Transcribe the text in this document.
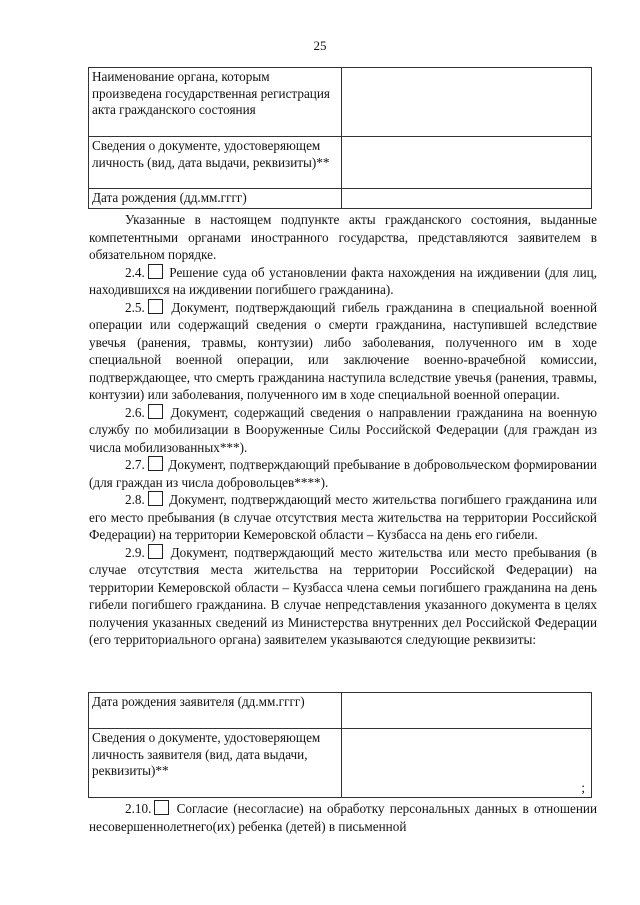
25
Наименование органа, которым произведена государственная регистрация акта гражданского состояния	
Сведения о документе, удостоверяющем личность (вид, дата выдачи, реквизиты)**	
Дата рождения (дд.мм.гггг)	

Указанные в настоящем подпункте акты гражданского состояния, выданные компетентными органами иностранного государства, представляются заявителем в обязательном порядке.

2.4. Решение суда об установлении факта нахождения на иждивении (для лиц, находившихся на иждивении погибшего гражданина).

2.5. Документ, подтверждающий гибель гражданина в специальной военной операции или содержащий сведения о смерти гражданина, наступившей вследствие увечья (ранения, травмы, контузии) либо заболевания, полученного им в ходе специальной военной операции, или заключение военно-врачебной комиссии, подтверждающее, что смерть гражданина наступила вследствие увечья (ранения, травмы, контузии) или заболевания, полученного им в ходе специальной военной операции.

2.6. Документ, содержащий сведения о направлении гражданина на военную службу по мобилизации в Вооруженные Силы Российской Федерации (для граждан из числа мобилизованных***).

2.7. Документ, подтверждающий пребывание в добровольческом формировании (для граждан из числа добровольцев****).

2.8. Документ, подтверждающий место жительства погибшего гражданина или его место пребывания (в случае отсутствия места жительства на территории Российской Федерации) на территории Кемеровской области – Кузбасса на день его гибели.

2.9. Документ, подтверждающий место жительства или место пребывания (в случае отсутствия места жительства на территории Российской Федерации) на территории Кемеровской области – Кузбасса члена семьи погибшего гражданина на день гибели погибшего гражданина. В случае непредставления указанного документа в целях получения указанных сведений из Министерства внутренних дел Российской Федерации (его территориального органа) заявителем указываются следующие реквизиты:

Дата рождения заявителя (дд.мм.гггг)	
Сведения о документе, удостоверяющем личность заявителя (вид, дата выдачи, реквизиты)**	;

2.10. Согласие (несогласие) на обработку персональных данных в отношении несовершеннолетнего(их) ребенка (детей) в письменной
